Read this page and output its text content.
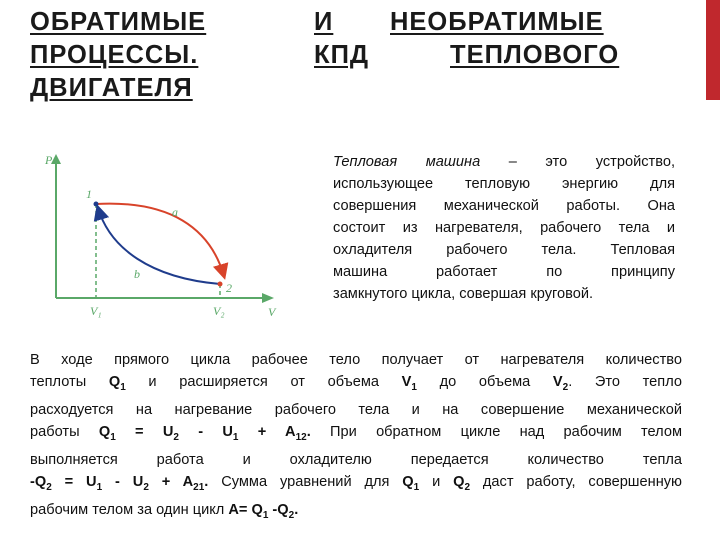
ОБРАТИМЫЕ	И НЕОБРАТИМЫЕ
ПРОЦЕССЫ.	КПД	ТЕПЛОВОГО
ДВИГАТЕЛЯ
P
V
1
2
a
b
V₁	V₂
Тепловая машина – это устройство,
использующее тепловую энергию для
совершения механической работы. Она
состоит из нагревателя, рабочего тела и
охладителя рабочего тела. Тепловая
машина работает по принципу
замкнутого цикла, совершая круговой.
В ходе прямого цикла рабочее тело получает от нагревателя количество
теплоты $Q_1$ и расширяется от объема $V_1$ до объема $V_2$. Это тепло
расходуется на нагревание рабочего тела и на совершение механической
работы $Q_1 = U_2 - U_1 + A_{12}$. При обратном цикле над рабочим телом
выполняется работа и охладителю передается количество тепла
$-Q_2 = U_1 - U_2 + A_{21}$. Сумма уравнений для $Q_1$ и $Q_2$ даст работу, совершенную
рабочим телом за один цикл $A= Q_1$ $-Q_2$.
